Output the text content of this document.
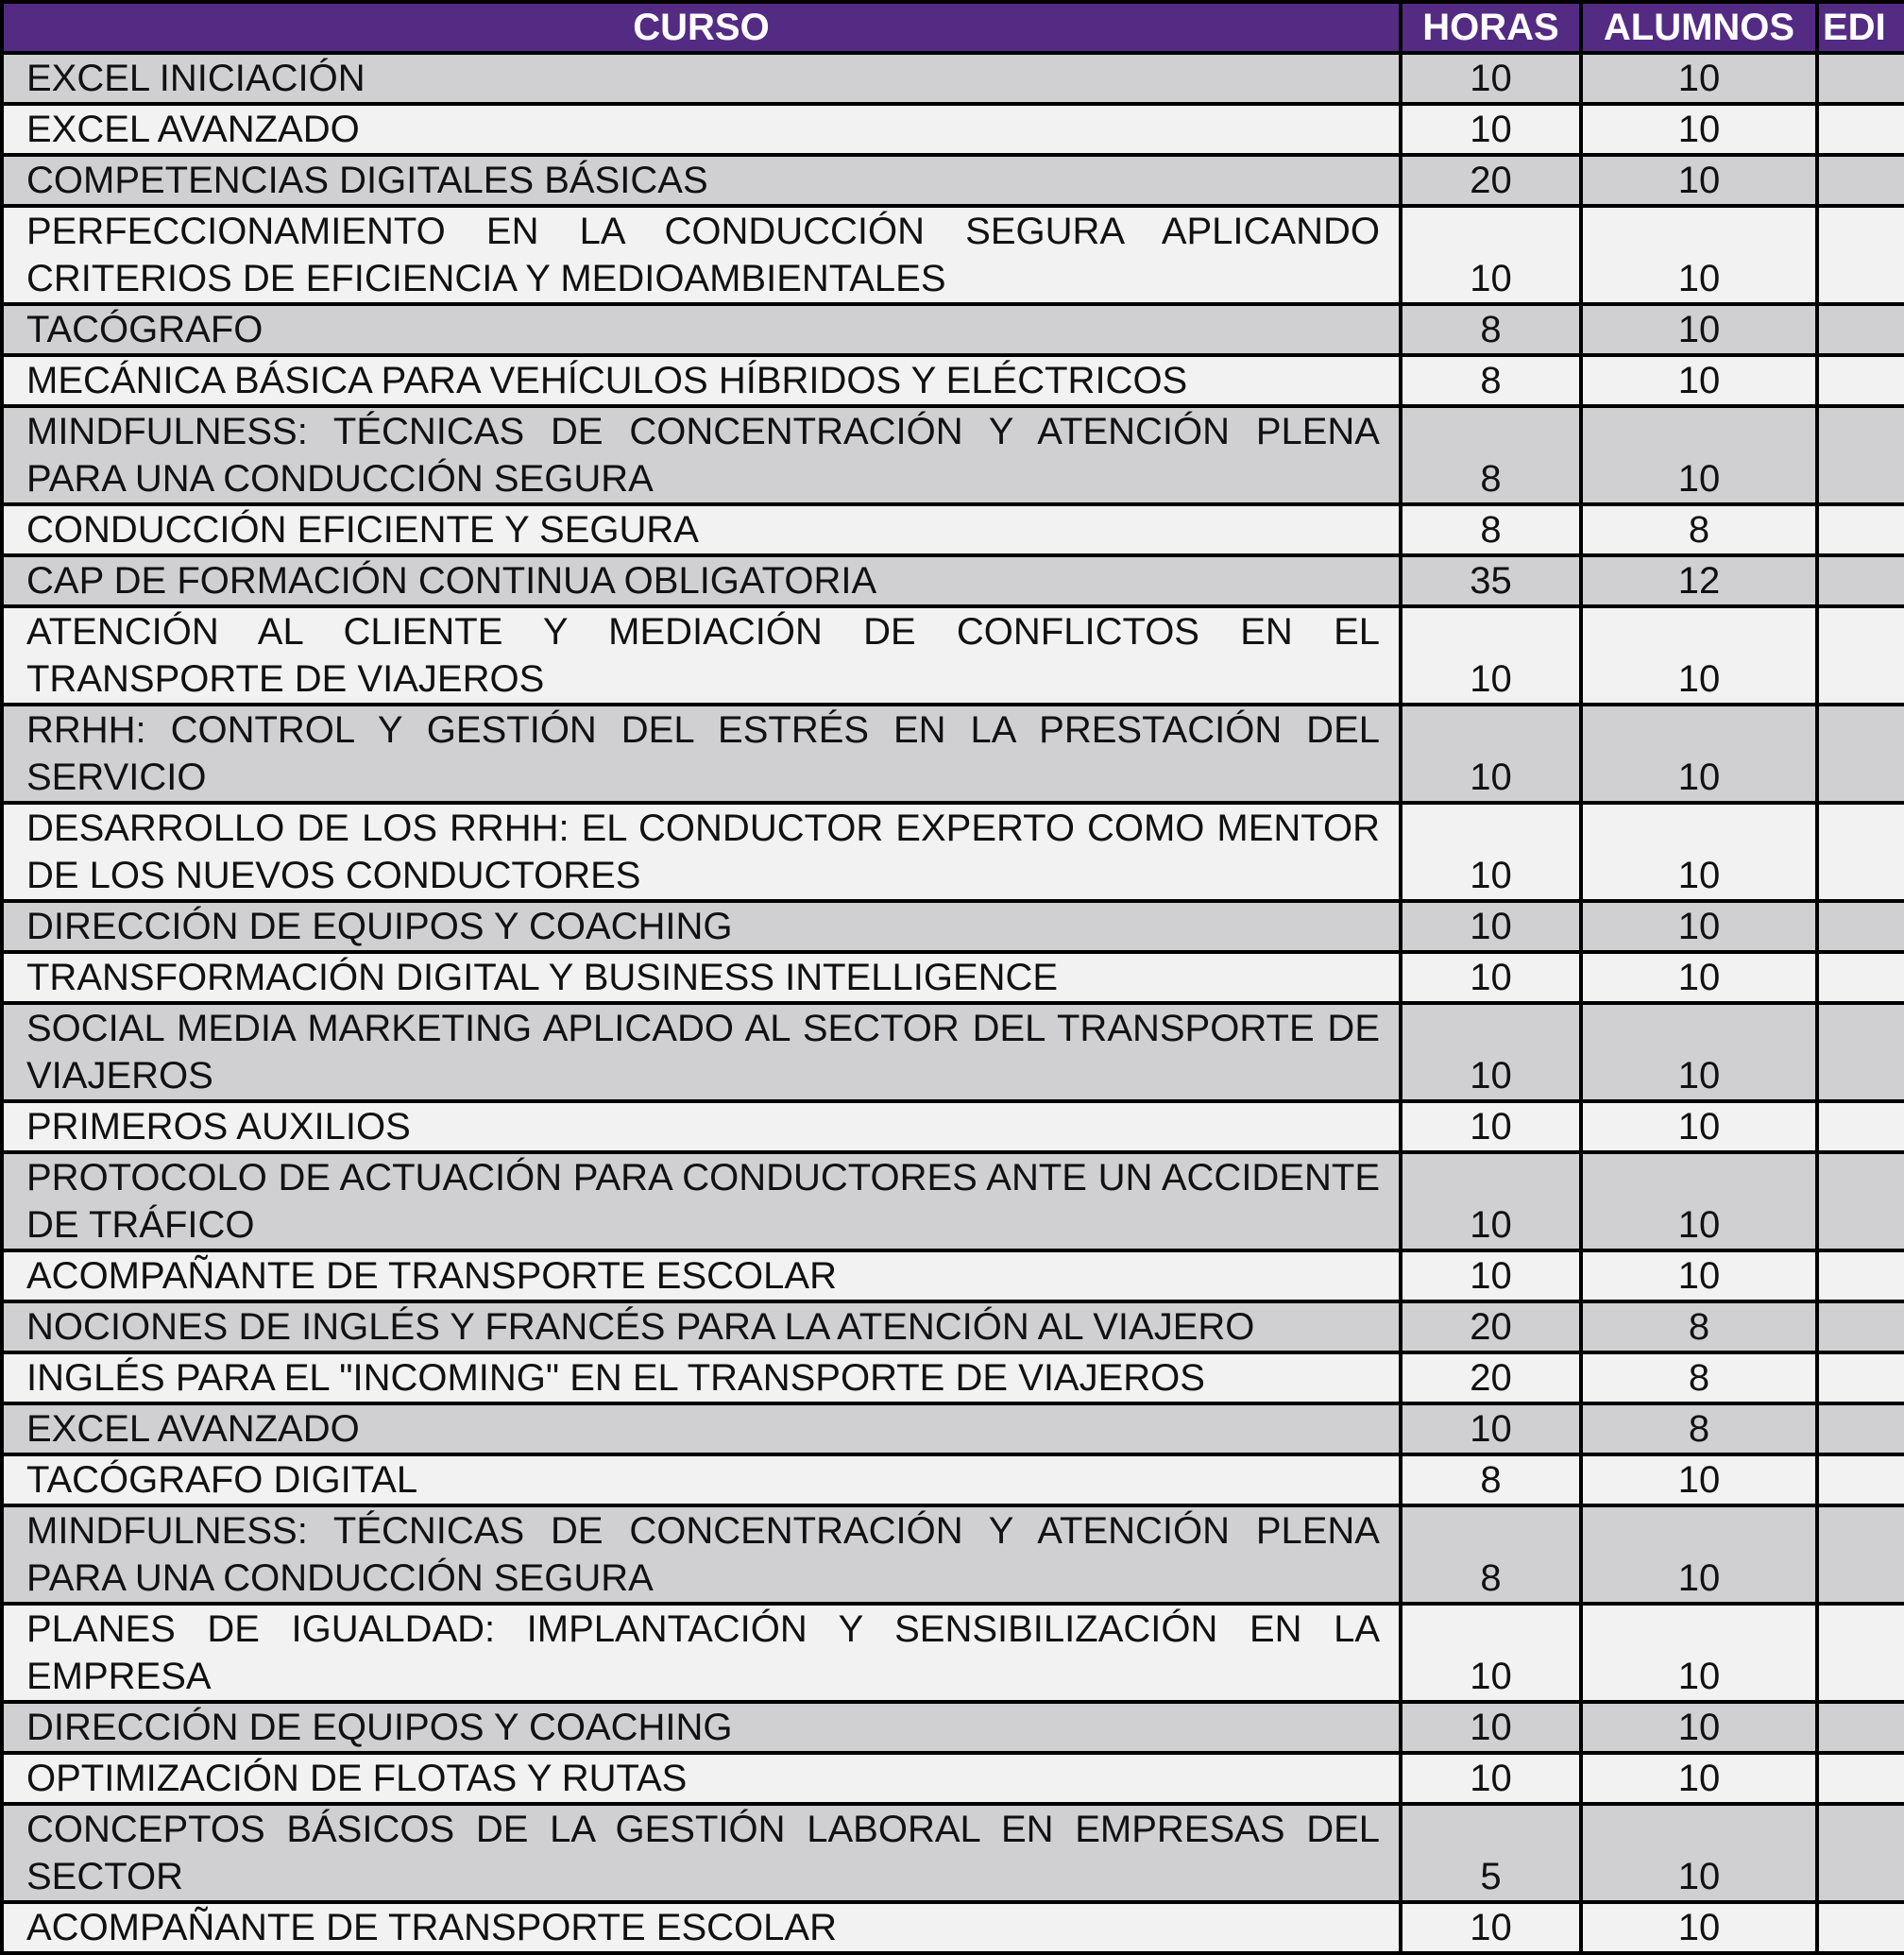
CURSO	HORAS	ALUMNOS	EDI
EXCEL INICIACIÓN	10	10	
EXCEL AVANZADO	10	10	
COMPETENCIAS DIGITALES BÁSICAS	20	10	
PERFECCIONAMIENTO EN LA CONDUCCIÓN SEGURA APLICANDO CRITERIOS DE EFICIENCIA Y MEDIOAMBIENTALES	10	10	
TACÓGRAFO	8	10	
MECÁNICA BÁSICA PARA VEHÍCULOS HÍBRIDOS Y ELÉCTRICOS	8	10	
MINDFULNESS: TÉCNICAS DE CONCENTRACIÓN Y ATENCIÓN PLENA PARA UNA CONDUCCIÓN SEGURA	8	10	
CONDUCCIÓN EFICIENTE Y SEGURA	8	8	
CAP DE FORMACIÓN CONTINUA OBLIGATORIA	35	12	
ATENCIÓN AL CLIENTE Y MEDIACIÓN DE CONFLICTOS EN EL TRANSPORTE DE VIAJEROS	10	10	
RRHH: CONTROL Y GESTIÓN DEL ESTRÉS EN LA PRESTACIÓN DEL SERVICIO	10	10	
DESARROLLO DE LOS RRHH: EL CONDUCTOR EXPERTO COMO MENTOR DE LOS NUEVOS CONDUCTORES	10	10	
DIRECCIÓN DE EQUIPOS Y COACHING	10	10	
TRANSFORMACIÓN DIGITAL Y BUSINESS INTELLIGENCE	10	10	
SOCIAL MEDIA MARKETING APLICADO AL SECTOR DEL TRANSPORTE DE VIAJEROS	10	10	
PRIMEROS AUXILIOS	10	10	
PROTOCOLO DE ACTUACIÓN PARA CONDUCTORES ANTE UN ACCIDENTE DE TRÁFICO	10	10	
ACOMPAÑANTE DE TRANSPORTE ESCOLAR	10	10	
NOCIONES DE INGLÉS Y FRANCÉS PARA LA ATENCIÓN AL VIAJERO	20	8	
INGLÉS PARA EL "INCOMING" EN EL TRANSPORTE DE VIAJEROS	20	8	
EXCEL AVANZADO	10	8	
TACÓGRAFO DIGITAL	8	10	
MINDFULNESS: TÉCNICAS DE CONCENTRACIÓN Y ATENCIÓN PLENA PARA UNA CONDUCCIÓN SEGURA	8	10	
PLANES DE IGUALDAD: IMPLANTACIÓN Y SENSIBILIZACIÓN EN LA EMPRESA	10	10	
DIRECCIÓN DE EQUIPOS Y COACHING	10	10	
OPTIMIZACIÓN DE FLOTAS Y RUTAS	10	10	
CONCEPTOS BÁSICOS DE LA GESTIÓN LABORAL EN EMPRESAS DEL SECTOR	5	10	
ACOMPAÑANTE DE TRANSPORTE ESCOLAR	10	10	
